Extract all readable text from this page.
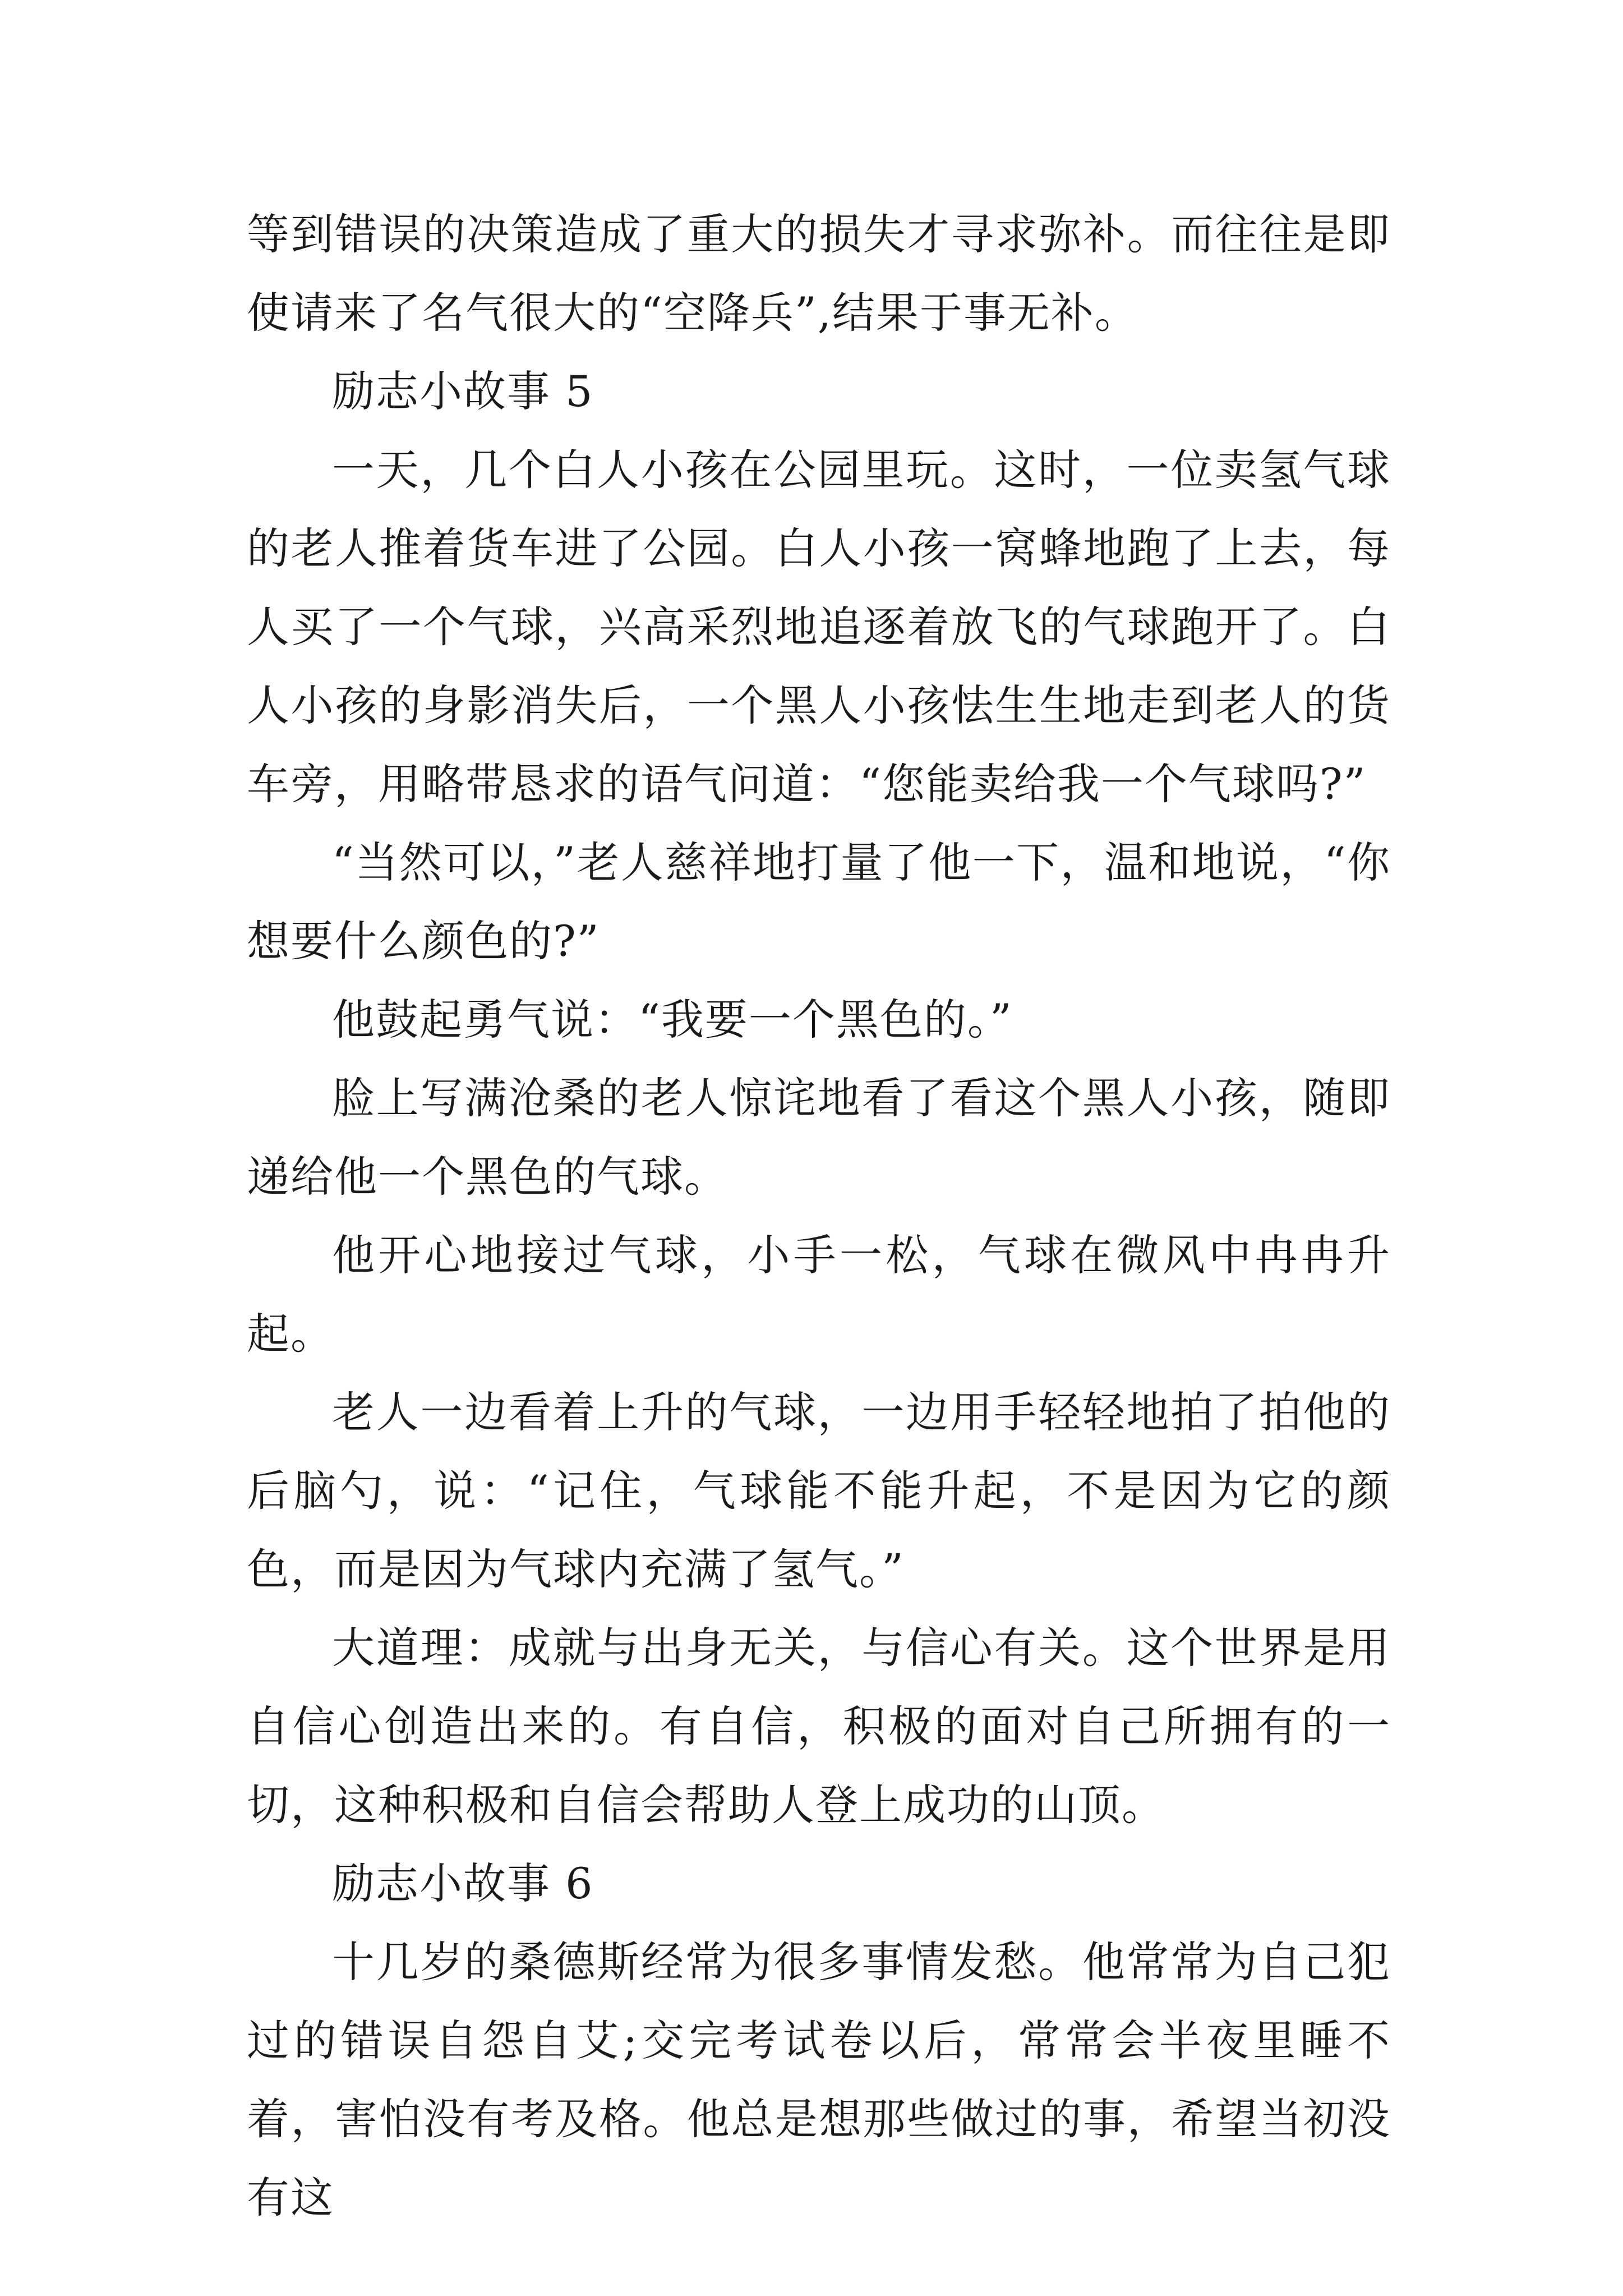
等到错误的决策造成了重大的损失才寻求弥补。而往往是即使请来了名气很大的“空降兵”,结果于事无补。

励志小故事 5

一天，几个白人小孩在公园里玩。这时，一位卖氢气球的老人推着货车进了公园。白人小孩一窝蜂地跑了上去，每人买了一个气球，兴高采烈地追逐着放飞的气球跑开了。白人小孩的身影消失后，一个黑人小孩怯生生地走到老人的货车旁，用略带恳求的语气问道：“您能卖给我一个气球吗?”

“当然可以，”老人慈祥地打量了他一下，温和地说，“你想要什么颜色的?”

他鼓起勇气说：“我要一个黑色的。”

脸上写满沧桑的老人惊诧地看了看这个黑人小孩，随即递给他一个黑色的气球。

他开心地接过气球，小手一松，气球在微风中冉冉升起。

老人一边看着上升的气球，一边用手轻轻地拍了拍他的后脑勺，说：“记住，气球能不能升起，不是因为它的颜色，而是因为气球内充满了氢气。”

大道理：成就与出身无关，与信心有关。这个世界是用自信心创造出来的。有自信，积极的面对自己所拥有的一切，这种积极和自信会帮助人登上成功的山顶。

励志小故事 6

十几岁的桑德斯经常为很多事情发愁。他常常为自己犯过的错误自怨自艾;交完考试卷以后，常常会半夜里睡不着，害怕没有考及格。他总是想那些做过的事，希望当初没有这
